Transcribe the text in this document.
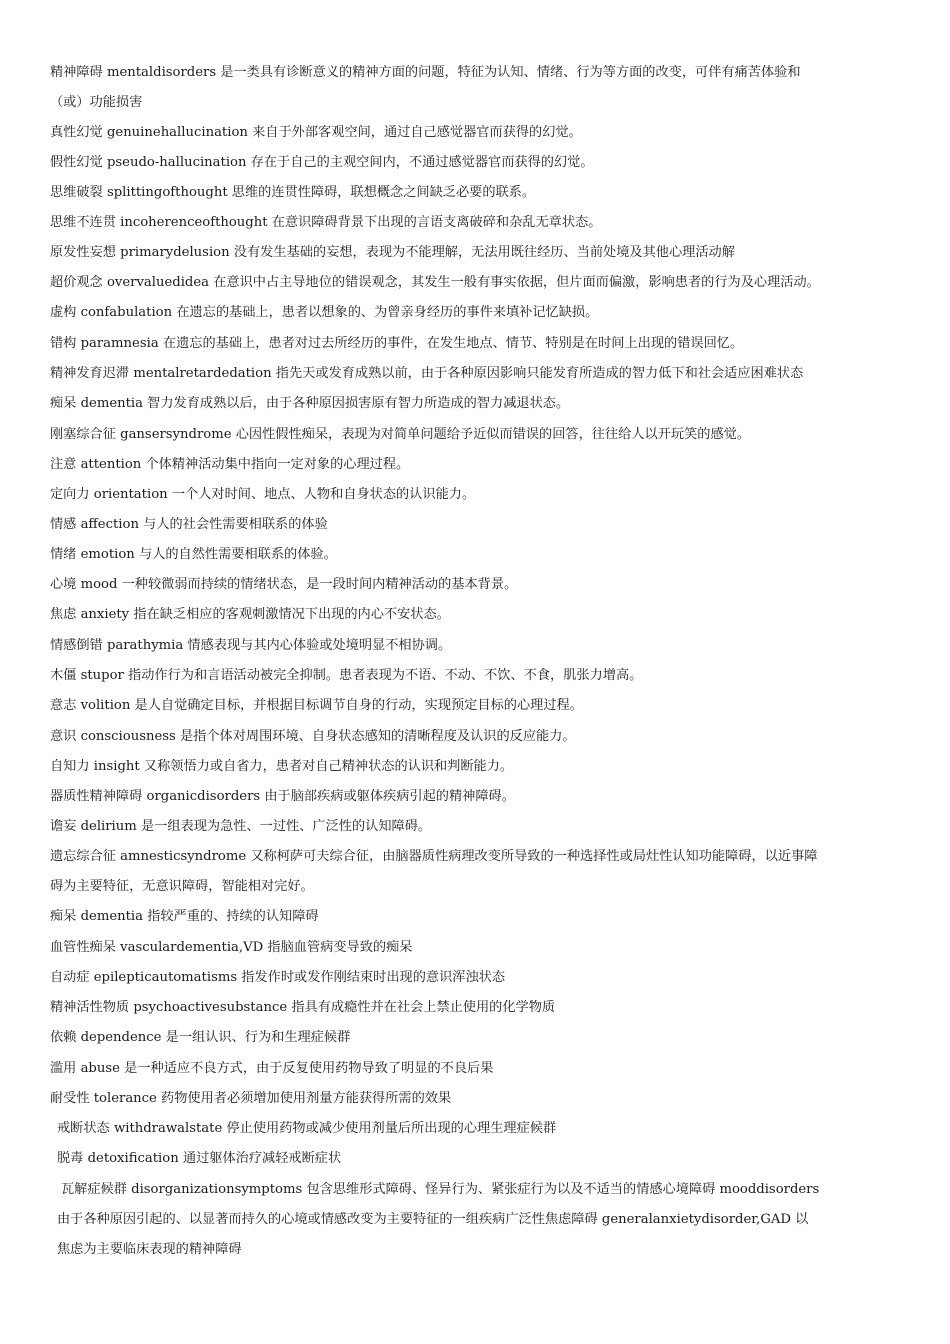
精神障碍 mentaldisorders 是一类具有诊断意义的精神方面的问题，特征为认知、情绪、行为等方面的改变，可伴有痛苦体验和
（或）功能损害
真性幻觉 genuinehallucination 来自于外部客观空间，通过自己感觉器官而获得的幻觉。
假性幻觉 pseudo-hallucination 存在于自己的主观空间内，不通过感觉器官而获得的幻觉。
思维破裂 splittingofthought 思维的连贯性障碍，联想概念之间缺乏必要的联系。
思维不连贯 incoherenceofthought 在意识障碍背景下出现的言语支离破碎和杂乱无章状态。
原发性妄想 primarydelusion 没有发生基础的妄想，表现为不能理解，无法用既往经历、当前处境及其他心理活动解
超价观念 overvaluedidea 在意识中占主导地位的错误观念，其发生一般有事实依据，但片面而偏激，影响患者的行为及心理活动。
虚构 confabulation 在遗忘的基础上，患者以想象的、为曾亲身经历的事件来填补记忆缺损。
错构 paramnesia 在遗忘的基础上，患者对过去所经历的事件，在发生地点、情节、特别是在时间上出现的错误回忆。
精神发育迟滞 mentalretardedation 指先天或发育成熟以前，由于各种原因影响只能发育所造成的智力低下和社会适应困难状态
痴呆 dementia 智力发育成熟以后，由于各种原因损害原有智力所造成的智力减退状态。
刚塞综合征 gansersyndrome 心因性假性痴呆，表现为对简单问题给予近似而错误的回答，往往给人以开玩笑的感觉。
注意 attention 个体精神活动集中指向一定对象的心理过程。
定向力 orientation 一个人对时间、地点、人物和自身状态的认识能力。
情感 affection 与人的社会性需要相联系的体验
情绪 emotion 与人的自然性需要相联系的体验。
心境 mood 一种较微弱而持续的情绪状态，是一段时间内精神活动的基本背景。
焦虑 anxiety 指在缺乏相应的客观刺激情况下出现的内心不安状态。
情感倒错 parathymia 情感表现与其内心体验或处境明显不相协调。
木僵 stupor 指动作行为和言语活动被完全抑制。患者表现为不语、不动、不饮、不食，肌张力增高。
意志 volition 是人自觉确定目标，并根据目标调节自身的行动，实现预定目标的心理过程。
意识 consciousness 是指个体对周围环境、自身状态感知的清晰程度及认识的反应能力。
自知力 insight 又称领悟力或自省力，患者对自己精神状态的认识和判断能力。
器质性精神障碍 organicdisorders 由于脑部疾病或躯体疾病引起的精神障碍。
谵妄 delirium 是一组表现为急性、一过性、广泛性的认知障碍。
遗忘综合征 amnesticsyndrome 又称柯萨可夫综合征，由脑器质性病理改变所导致的一种选择性或局灶性认知功能障碍，以近事障
碍为主要特征，无意识障碍，智能相对完好。
痴呆 dementia 指较严重的、持续的认知障碍
血管性痴呆 vasculardementia,VD 指脑血管病变导致的痴呆
自动症 epilepticautomatisms 指发作时或发作刚结束时出现的意识浑浊状态
精神活性物质 psychoactivesubstance 指具有成瘾性并在社会上禁止使用的化学物质
依赖 dependence 是一组认识、行为和生理症候群
滥用 abuse 是一种适应不良方式，由于反复使用药物导致了明显的不良后果
耐受性 tolerance 药物使用者必须增加使用剂量方能获得所需的效果
戒断状态 withdrawalstate 停止使用药物或减少使用剂量后所出现的心理生理症候群
脱毒 detoxification 通过躯体治疗减轻戒断症状
瓦解症候群 disorganizationsymptoms 包含思维形式障碍、怪异行为、紧张症行为以及不适当的情感心境障碍 mooddisorders
由于各种原因引起的、以显著而持久的心境或情感改变为主要特征的一组疾病广泛性焦虑障碍 generalanxietydisorder,GAD 以
焦虑为主要临床表现的精神障碍
